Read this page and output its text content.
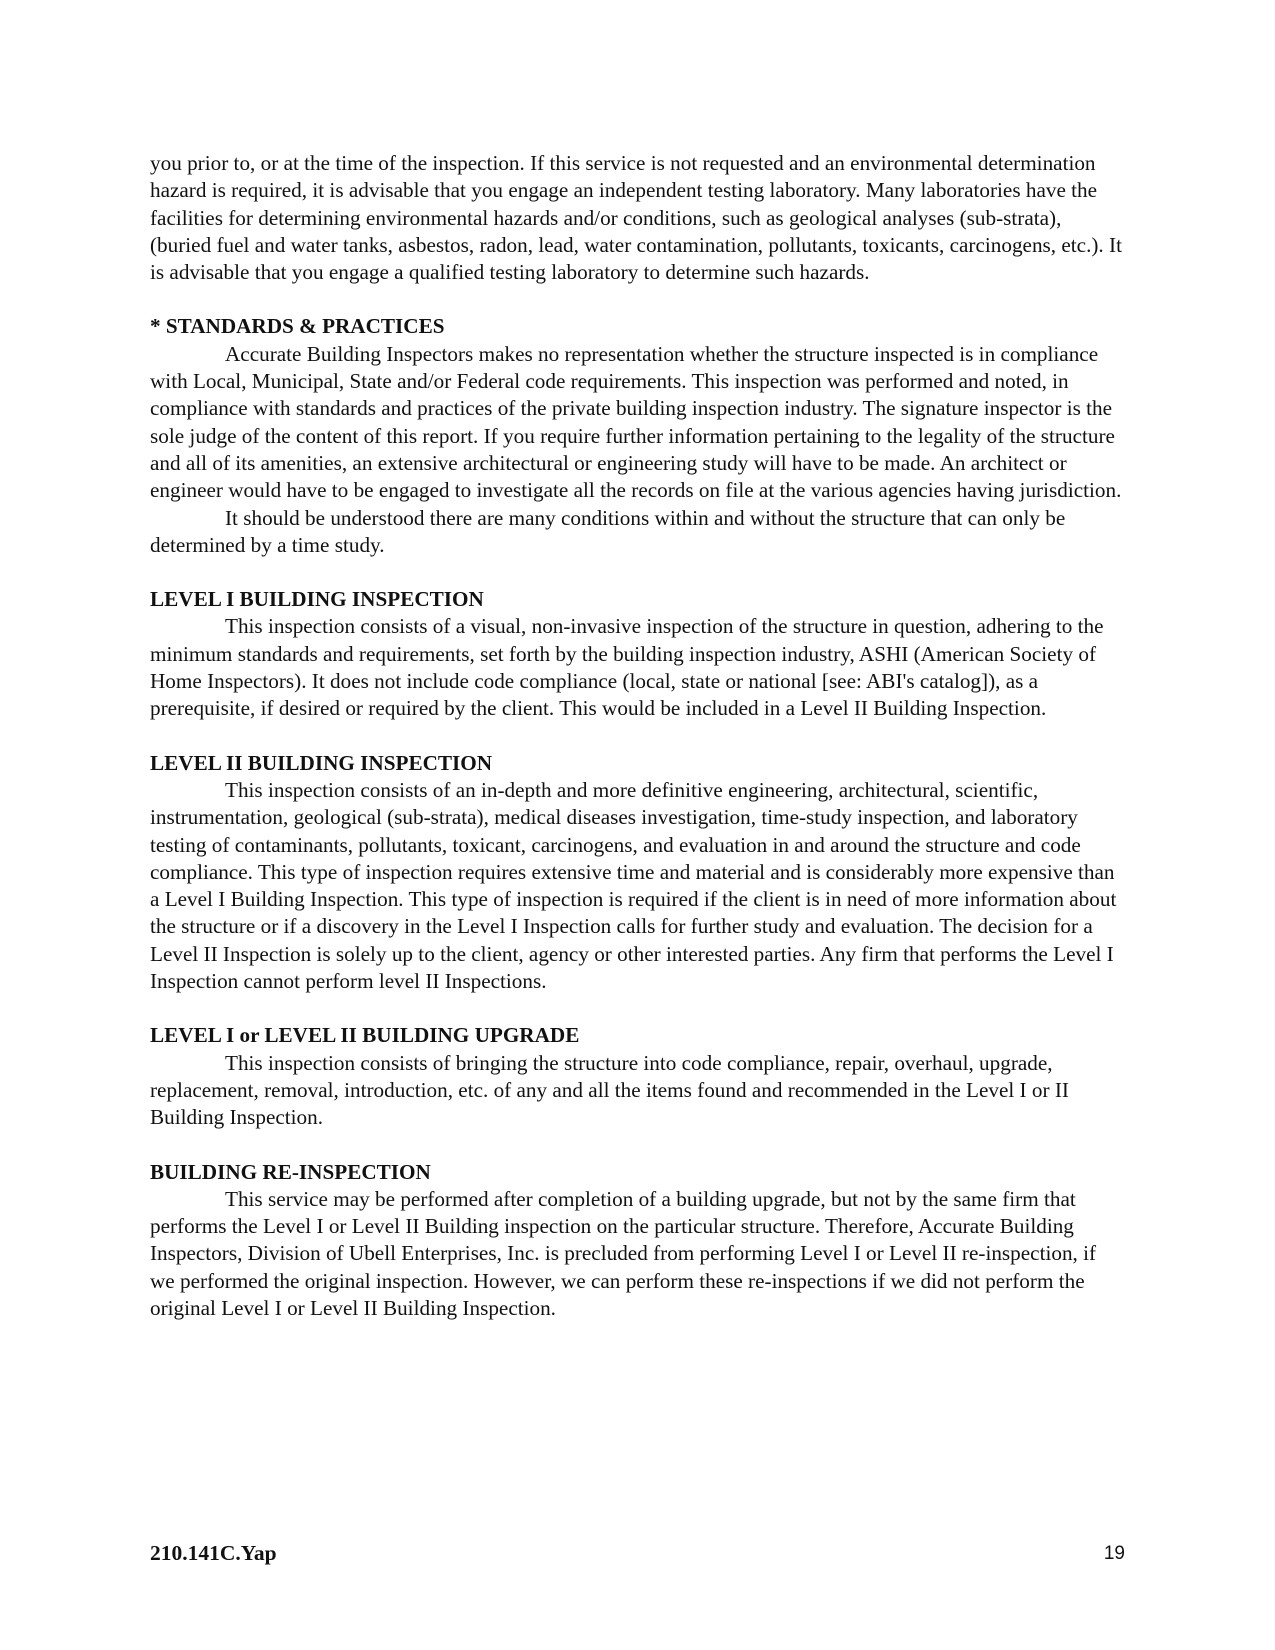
you prior to, or at the time of the inspection. If this service is not requested and an environmental determination hazard is required, it is advisable that you engage an independent testing laboratory. Many laboratories have the facilities for determining environmental hazards and/or conditions, such as geological analyses (sub-strata), (buried fuel and water tanks, asbestos, radon, lead, water contamination, pollutants, toxicants, carcinogens, etc.). It is advisable that you engage a qualified testing laboratory to determine such hazards.

* STANDARDS & PRACTICES

Accurate Building Inspectors makes no representation whether the structure inspected is in compliance with Local, Municipal, State and/or Federal code requirements. This inspection was performed and noted, in compliance with standards and practices of the private building inspection industry. The signature inspector is the sole judge of the content of this report. If you require further information pertaining to the legality of the structure and all of its amenities, an extensive architectural or engineering study will have to be made. An architect or engineer would have to be engaged to investigate all the records on file at the various agencies having jurisdiction.

It should be understood there are many conditions within and without the structure that can only be determined by a time study.

LEVEL I BUILDING INSPECTION

This inspection consists of a visual, non-invasive inspection of the structure in question, adhering to the minimum standards and requirements, set forth by the building inspection industry, ASHI (American Society of Home Inspectors). It does not include code compliance (local, state or national [see: ABI's catalog]), as a prerequisite, if desired or required by the client. This would be included in a Level II Building Inspection.

LEVEL II BUILDING INSPECTION

This inspection consists of an in-depth and more definitive engineering, architectural, scientific, instrumentation, geological (sub-strata), medical diseases investigation, time-study inspection, and laboratory testing of contaminants, pollutants, toxicant, carcinogens, and evaluation in and around the structure and code compliance. This type of inspection requires extensive time and material and is considerably more expensive than a Level I Building Inspection. This type of inspection is required if the client is in need of more information about the structure or if a discovery in the Level I Inspection calls for further study and evaluation. The decision for a Level II Inspection is solely up to the client, agency or other interested parties. Any firm that performs the Level I Inspection cannot perform level II Inspections.

LEVEL I or LEVEL II BUILDING UPGRADE

This inspection consists of bringing the structure into code compliance, repair, overhaul, upgrade, replacement, removal, introduction, etc. of any and all the items found and recommended in the Level I or II Building Inspection.

BUILDING RE-INSPECTION

This service may be performed after completion of a building upgrade, but not by the same firm that performs the Level I or Level II Building inspection on the particular structure. Therefore, Accurate Building Inspectors, Division of Ubell Enterprises, Inc. is precluded from performing Level I or Level II re-inspection, if we performed the original inspection. However, we can perform these re-inspections if we did not perform the original Level I or Level II Building Inspection.

210.141C.Yap	19
